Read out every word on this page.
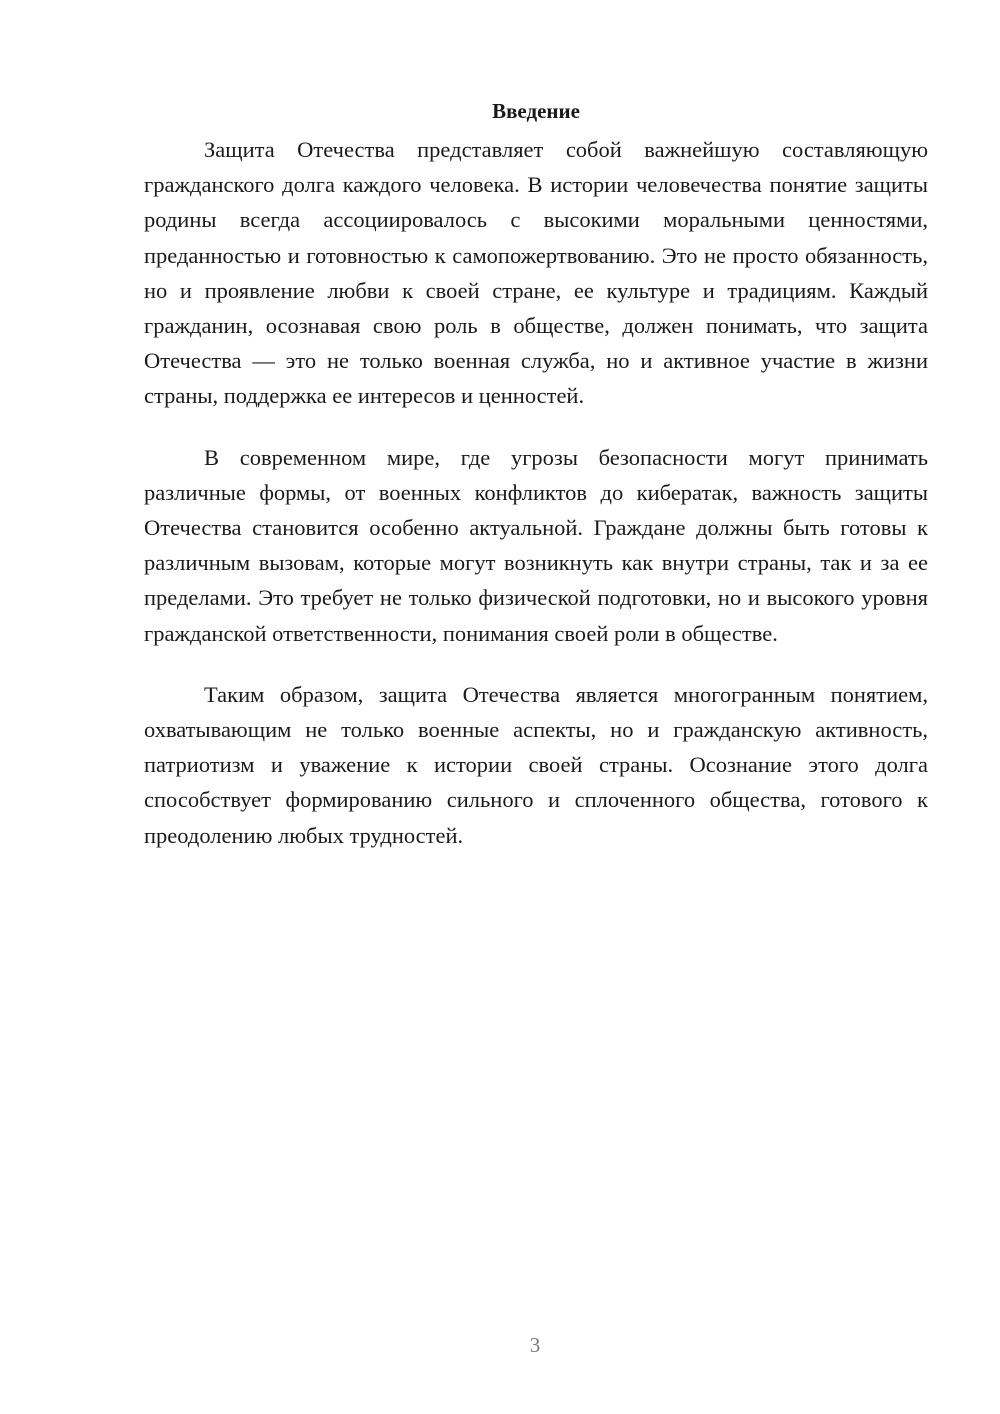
Введение

Защита Отечества представляет собой важнейшую составляющую гражданского долга каждого человека. В истории человечества понятие защиты родины всегда ассоциировалось с высокими моральными ценностями, преданностью и готовностью к самопожертвованию. Это не просто обязанность, но и проявление любви к своей стране, ее культуре и традициям. Каждый гражданин, осознавая свою роль в обществе, должен понимать, что защита Отечества — это не только военная служба, но и активное участие в жизни страны, поддержка ее интересов и ценностей.

В современном мире, где угрозы безопасности могут принимать различные формы, от военных конфликтов до кибератак, важность защиты Отечества становится особенно актуальной. Граждане должны быть готовы к различным вызовам, которые могут возникнуть как внутри страны, так и за ее пределами. Это требует не только физической подготовки, но и высокого уровня гражданской ответственности, понимания своей роли в обществе.

Таким образом, защита Отечества является многогранным понятием, охватывающим не только военные аспекты, но и гражданскую активность, патриотизм и уважение к истории своей страны. Осознание этого долга способствует формированию сильного и сплоченного общества, готового к преодолению любых трудностей.

3
